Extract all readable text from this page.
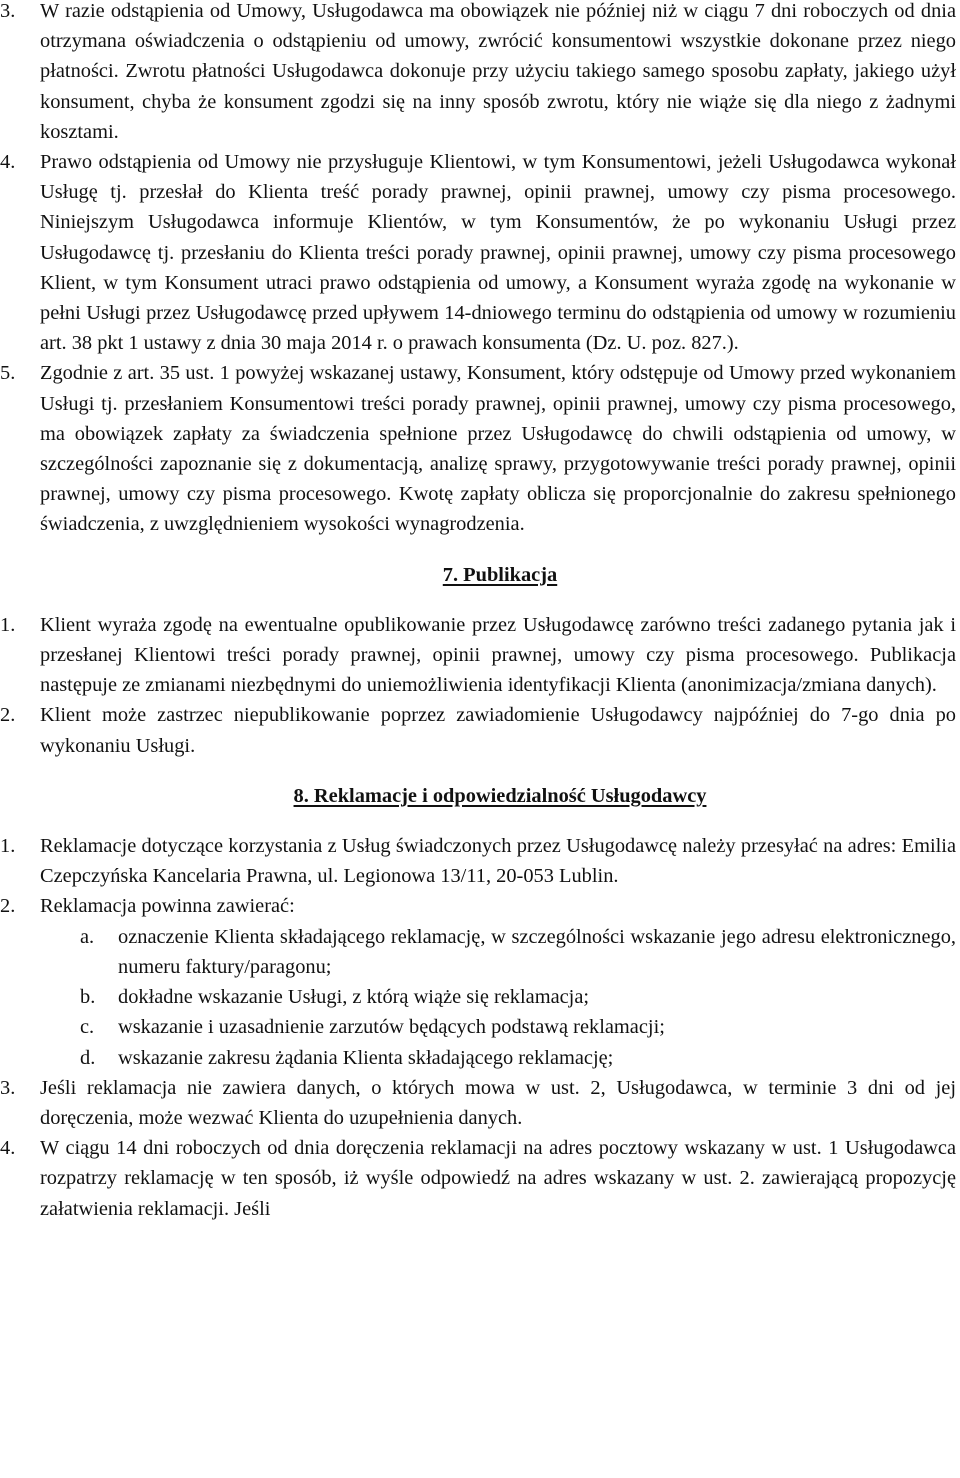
3. W razie odstąpienia od Umowy, Usługodawca ma obowiązek nie później niż w ciągu 7 dni roboczych od dnia otrzymana oświadczenia o odstąpieniu od umowy, zwrócić konsumentowi wszystkie dokonane przez niego płatności. Zwrotu płatności Usługodawca dokonuje przy użyciu takiego samego sposobu zapłaty, jakiego użył konsument, chyba że konsument zgodzi się na inny sposób zwrotu, który nie wiąże się dla niego z żadnymi kosztami.
4. Prawo odstąpienia od Umowy nie przysługuje Klientowi, w tym Konsumentowi, jeżeli Usługodawca wykonał Usługę tj. przesłał do Klienta treść porady prawnej, opinii prawnej, umowy czy pisma procesowego. Niniejszym Usługodawca informuje Klientów, w tym Konsumentów, że po wykonaniu Usługi przez Usługodawcę tj. przesłaniu do Klienta treści porady prawnej, opinii prawnej, umowy czy pisma procesowego Klient, w tym Konsument utraci prawo odstąpienia od umowy, a Konsument wyraża zgodę na wykonanie w pełni Usługi przez Usługodawcę przed upływem 14-dniowego terminu do odstąpienia od umowy w rozumieniu art. 38 pkt 1 ustawy z dnia 30 maja 2014 r. o prawach konsumenta (Dz. U. poz. 827.).
5. Zgodnie z art. 35 ust. 1 powyżej wskazanej ustawy, Konsument, który odstępuje od Umowy przed wykonaniem Usługi tj. przesłaniem Konsumentowi treści porady prawnej, opinii prawnej, umowy czy pisma procesowego, ma obowiązek zapłaty za świadczenia spełnione przez Usługodawcę do chwili odstąpienia od umowy, w szczególności zapoznanie się z dokumentacją, analizę sprawy, przygotowywanie treści porady prawnej, opinii prawnej, umowy czy pisma procesowego. Kwotę zapłaty oblicza się proporcjonalnie do zakresu spełnionego świadczenia, z uwzględnieniem wysokości wynagrodzenia.
7. Publikacja
1. Klient wyraża zgodę na ewentualne opublikowanie przez Usługodawcę zarówno treści zadanego pytania jak i przesłanej Klientowi treści porady prawnej, opinii prawnej, umowy czy pisma procesowego. Publikacja następuje ze zmianami niezbędnymi do uniemożliwienia identyfikacji Klienta (anonimizacja/zmiana danych).
2. Klient może zastrzec niepublikowanie poprzez zawiadomienie Usługodawcy najpóźniej do 7-go dnia po wykonaniu Usługi.
8. Reklamacje i odpowiedzialność Usługodawcy
1. Reklamacje dotyczące korzystania z Usług świadczonych przez Usługodawcę należy przesyłać na adres: Emilia Czepczyńska Kancelaria Prawna, ul. Legionowa 13/11, 20-053 Lublin.
2. Reklamacja powinna zawierać:
a. oznaczenie Klienta składającego reklamację, w szczególności wskazanie jego adresu elektronicznego, numeru faktury/paragonu;
b. dokładne wskazanie Usługi, z którą wiąże się reklamacja;
c. wskazanie i uzasadnienie zarzutów będących podstawą reklamacji;
d. wskazanie zakresu żądania Klienta składającego reklamację;
3. Jeśli reklamacja nie zawiera danych, o których mowa w ust. 2, Usługodawca, w terminie 3 dni od jej doręczenia, może wezwać Klienta do uzupełnienia danych.
4. W ciągu 14 dni roboczych od dnia doręczenia reklamacji na adres pocztowy wskazany w ust. 1 Usługodawca rozpatrzy reklamację w ten sposób, iż wyśle odpowiedź na adres wskazany w ust. 2. zawierającą propozycję załatwienia reklamacji. Jeśli
